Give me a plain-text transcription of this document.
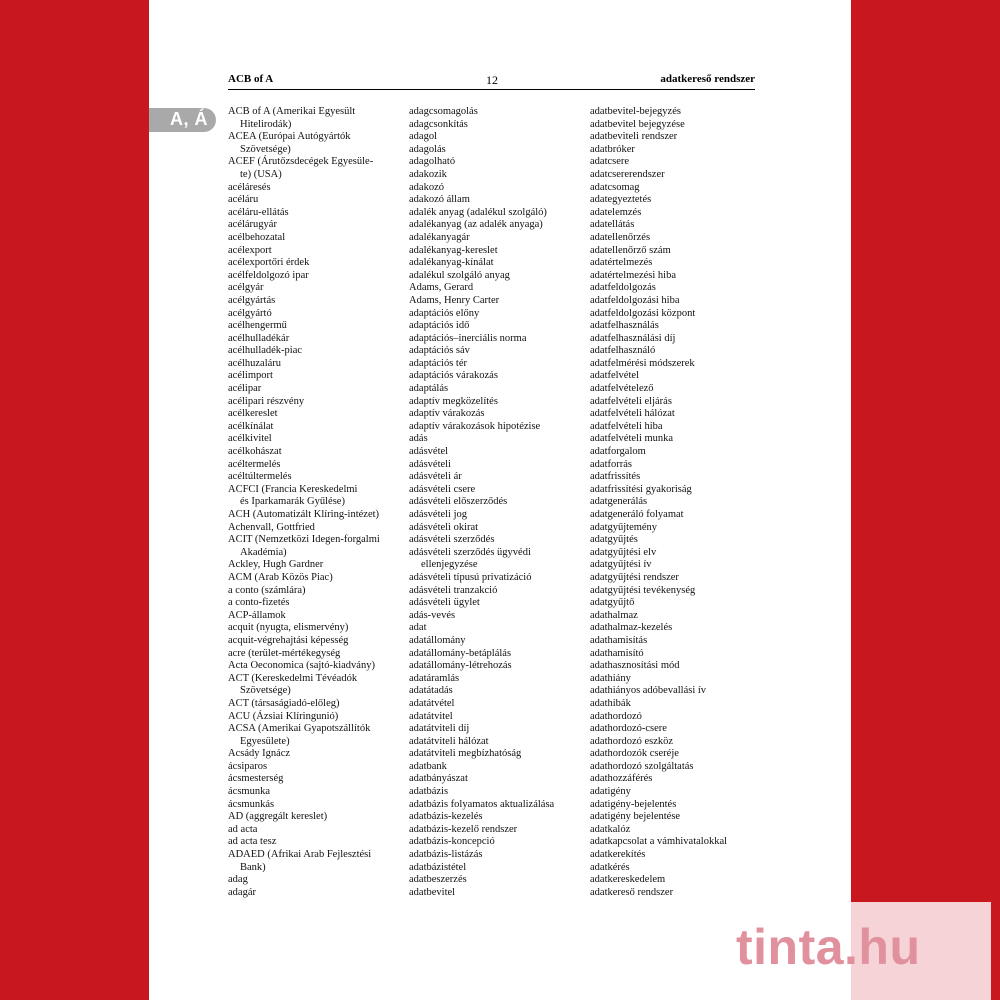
ACB of A	12	adatkereső rendszer
A, Á ACB of A (Amerikai Egyesült
Hitelirodák)
ACEA (Európai Autógyártók
Szövetsége)
ACEF (Árutőzsdecégek Egyesüle-
te) (USA)
acéláresés
acéláru
acéláru-ellátás
acélárugyár
acélbehozatal
acélexport
acélexportőri érdek
acélfeldolgozó ipar
acélgyár
acélgyártás
acélgyártó
acélhengermű
acélhulladékár
acélhulladék-piac
acélhuzaláru
acélimport
acélipar
acélipari részvény
acélkereslet
acélkínálat
acélkivitel
acélkohászat
acéltermelés
acéltúltermelés
ACFCI (Francia Kereskedelmi
és Iparkamarák Gyűlése)
ACH (Automatizált Klíring-intézet)
Achenvall, Gottfried
ACIT (Nemzetközi Idegen-forgalmi
Akadémia)
Ackley, Hugh Gardner
ACM (Arab Közös Piac)
a conto (számlára)
a conto-fizetés
ACP-államok
acquit (nyugta, elismervény)
acquit-végrehajtási képesség
acre (terület-mértékegység
Acta Oeconomica (sajtó-kiadvány)
ACT (Kereskedelmi Tévéadók
Szövetsége)
ACT (társaságiadó-előleg)
ACU (Ázsiai Klíringunió)
ACSA (Amerikai Gyapotszállítók
Egyesülete)
Acsády Ignácz
ácsiparos
ácsmesterség
ácsmunka
ácsmunkás
AD (aggregált kereslet)
ad acta
ad acta tesz
ADAED (Afrikai Arab Fejlesztési
Bank)
adag
adagár
adagcsomagolás
adagcsonkítás
adagol
adagolás
adagolható
adakozik
adakozó
adakozó állam
adalék anyag (adalékul szolgáló)
adalékanyag (az adalék anyaga)
adalékanyagár
adalékanyag-kereslet
adalékanyag-kínálat
adalékul szolgáló anyag
Adams, Gerard
Adams, Henry Carter
adaptációs előny
adaptációs idő
adaptációs–inerciális norma
adaptációs sáv
adaptációs tér
adaptációs várakozás
adaptálás
adaptív megközelítés
adaptív várakozás
adaptív várakozások hipotézise
adás
adásvétel
adásvételi
adásvételi ár
adásvételi csere
adásvételi előszerződés
adásvételi jog
adásvételi okirat
adásvételi szerződés
adásvételi szerződés ügyvédi
ellenjegyzése
adásvételi típusú privatizáció
adásvételi tranzakció
adásvételi ügylet
adás-vevés
adat
adatállomány
adatállomány-betáplálás
adatállomány-létrehozás
adatáramlás
adatátadás
adatátvétel
adatátvitel
adatátviteli díj
adatátviteli hálózat
adatátviteli megbízhatóság
adatbank
adatbányászat
adatbázis
adatbázis folyamatos aktualizálása
adatbázis-kezelés
adatbázis-kezelő rendszer
adatbázis-koncepció
adatbázis-listázás
adatbázistétel
adatbeszerzés
adatbevitel
adatbevitel-bejegyzés
adatbevitel bejegyzése
adatbeviteli rendszer
adatbróker
adatcsere
adatcsererendszer
adatcsomag
adategyeztetés
adatelemzés
adatellátás
adatellenőrzés
adatellenőrző szám
adatértelmezés
adatértelmezési hiba
adatfeldolgozás
adatfeldolgozási hiba
adatfeldolgozási központ
adatfelhasználás
adatfelhasználási díj
adatfelhasználó
adatfelmérési módszerek
adatfelvétel
adatfelvételező
adatfelvételi eljárás
adatfelvételi hálózat
adatfelvételi hiba
adatfelvételi munka
adatforgalom
adatforrás
adatfrissítés
adatfrissítési gyakoriság
adatgenerálás
adatgeneráló folyamat
adatgyűjtemény
adatgyűjtés
adatgyűjtési elv
adatgyűjtési ív
adatgyűjtési rendszer
adatgyűjtési tevékenység
adatgyűjtő
adathalmaz
adathalmaz-kezelés
adathamisítás
adathamisító
adathasznosítási mód
adathiány
adathiányos adóbevallási ív
adathibák
adathordozó
adathordozó-csere
adathordozó eszköz
adathordozók cseréje
adathordozó szolgáltatás
adathozzáférés
adatigény
adatigény-bejelentés
adatigény bejelentése
adatkalóz
adatkapcsolat a vámhivatalokkal
adatkerekítés
adatkérés
adatkereskedelem
adatkereső rendszer
tinta.hu
